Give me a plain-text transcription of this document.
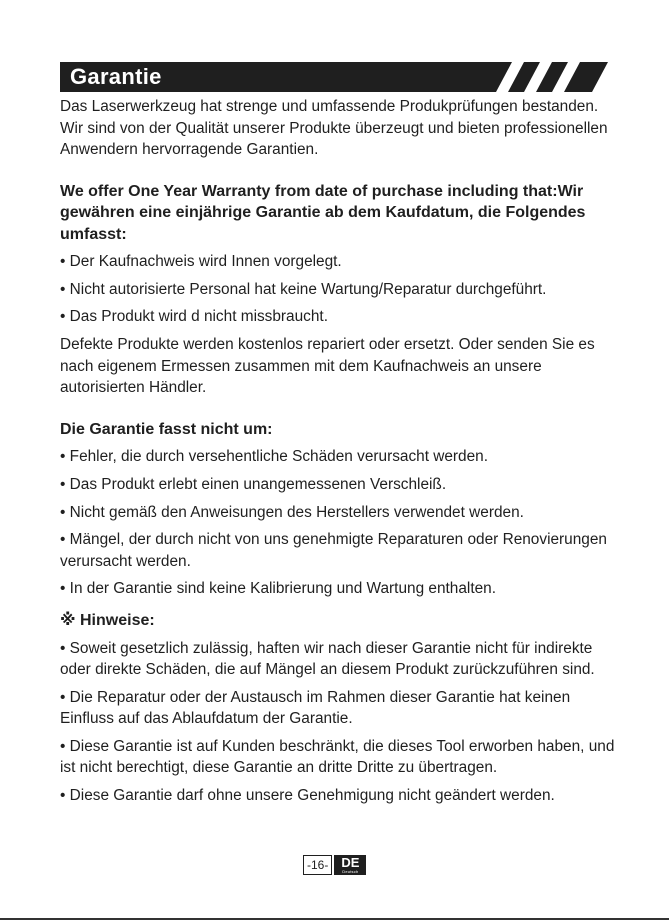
Garantie

Das Laserwerkzeug hat strenge und umfassende Produkprüfungen bestanden. Wir sind von der Qualität unserer Produkte überzeugt und bieten professionellen Anwendern hervorragende Garantien.

We offer One Year Warranty from date of purchase including that:Wir gewähren eine einjährige Garantie ab dem Kaufdatum, die Folgendes umfasst:

• Der Kaufnachweis wird Innen vorgelegt.

• Nicht autorisierte Personal hat keine Wartung/Reparatur durchgeführt.

• Das Produkt wird d nicht missbraucht.

Defekte Produkte werden kostenlos repariert oder ersetzt. Oder senden Sie es nach eigenem Ermessen zusammen mit dem Kaufnachweis an unsere autorisierten Händler.

Die Garantie fasst nicht um:

• Fehler, die durch versehentliche Schäden verursacht werden.

• Das Produkt erlebt einen unangemessenen Verschleiß.

• Nicht gemäß den Anweisungen des Herstellers verwendet werden.

• Mängel, der durch nicht von uns genehmigte Reparaturen oder Renovierungen verursacht werden.

• In der Garantie sind keine Kalibrierung und Wartung enthalten.

※ Hinweise:

• Soweit gesetzlich zulässig, haften wir nach dieser Garantie nicht für indirekte oder direkte Schäden, die auf Mängel an diesem Produkt zurückzuführen sind.

• Die Reparatur oder der Austausch im Rahmen dieser Garantie hat keinen Einfluss auf das Ablaufdatum der Garantie.

• Diese Garantie ist auf Kunden beschränkt, die dieses Tool erworben haben, und ist nicht berechtigt, diese Garantie an dritte Dritte zu übertragen.

• Diese Garantie darf ohne unsere Genehmigung nicht geändert werden.

-16- DE
Deutsch
